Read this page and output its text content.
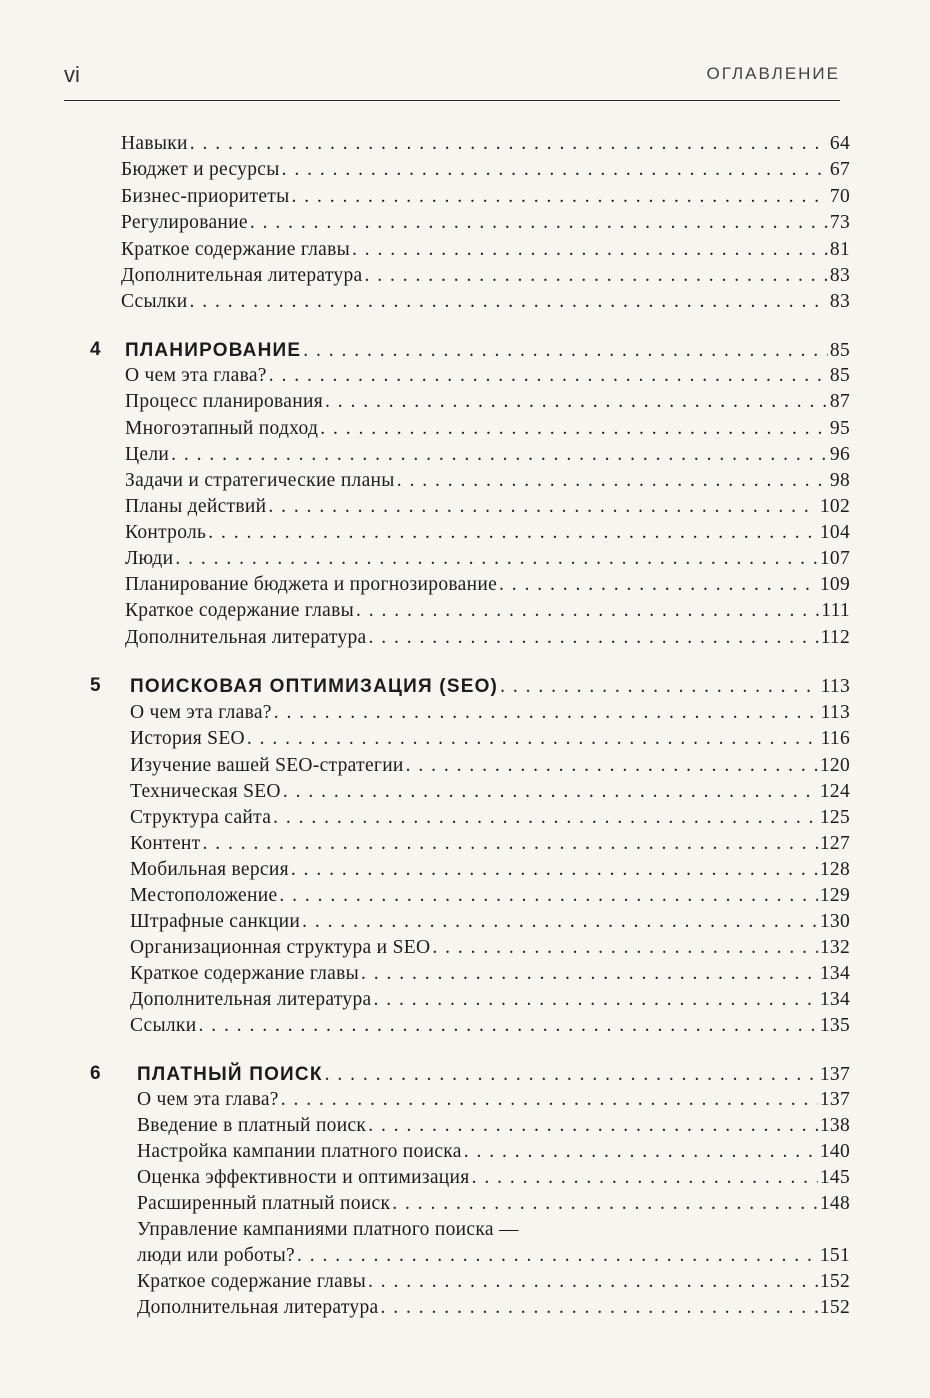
vi	ОГЛАВЛЕНИЕ
Навыки . . .	64
Бюджет и ресурсы . . .	67
Бизнес-приоритеты . . .	70
Регулирование . . .	73
Краткое содержание главы . . .	81
Дополнительная литература . . .	83
Ссылки . . .	83
4 ПЛАНИРОВАНИЕ . . .	85
О чем эта глава? . . .	85
Процесс планирования . . .	87
Многоэтапный подход . . .	95
Цели . . .	96
Задачи и стратегические планы . . .	98
Планы действий . . .	102
Контроль . . .	104
Люди . . .	107
Планирование бюджета и прогнозирование . . .	109
Краткое содержание главы . . .	111
Дополнительная литература . . .	112
5 ПОИСКОВАЯ ОПТИМИЗАЦИЯ (SEO) . . .	113
О чем эта глава? . . .	113
История SEO . . .	116
Изучение вашей SEO-стратегии . . .	120
Техническая SEO . . .	124
Структура сайта . . .	125
Контент . . .	127
Мобильная версия . . .	128
Местоположение . . .	129
Штрафные санкции . . .	130
Организационная структура и SEO . . .	132
Краткое содержание главы . . .	134
Дополнительная литература . . .	134
Ссылки . . .	135
6 ПЛАТНЫЙ ПОИСК . . .	137
О чем эта глава? . . .	137
Введение в платный поиск . . .	138
Настройка кампании платного поиска . . .	140
Оценка эффективности и оптимизация . . .	145
Расширенный платный поиск . . .	148
Управление кампаниями платного поиска —
люди или роботы? . . .	151
Краткое содержание главы . . .	152
Дополнительная литература . . .	152
